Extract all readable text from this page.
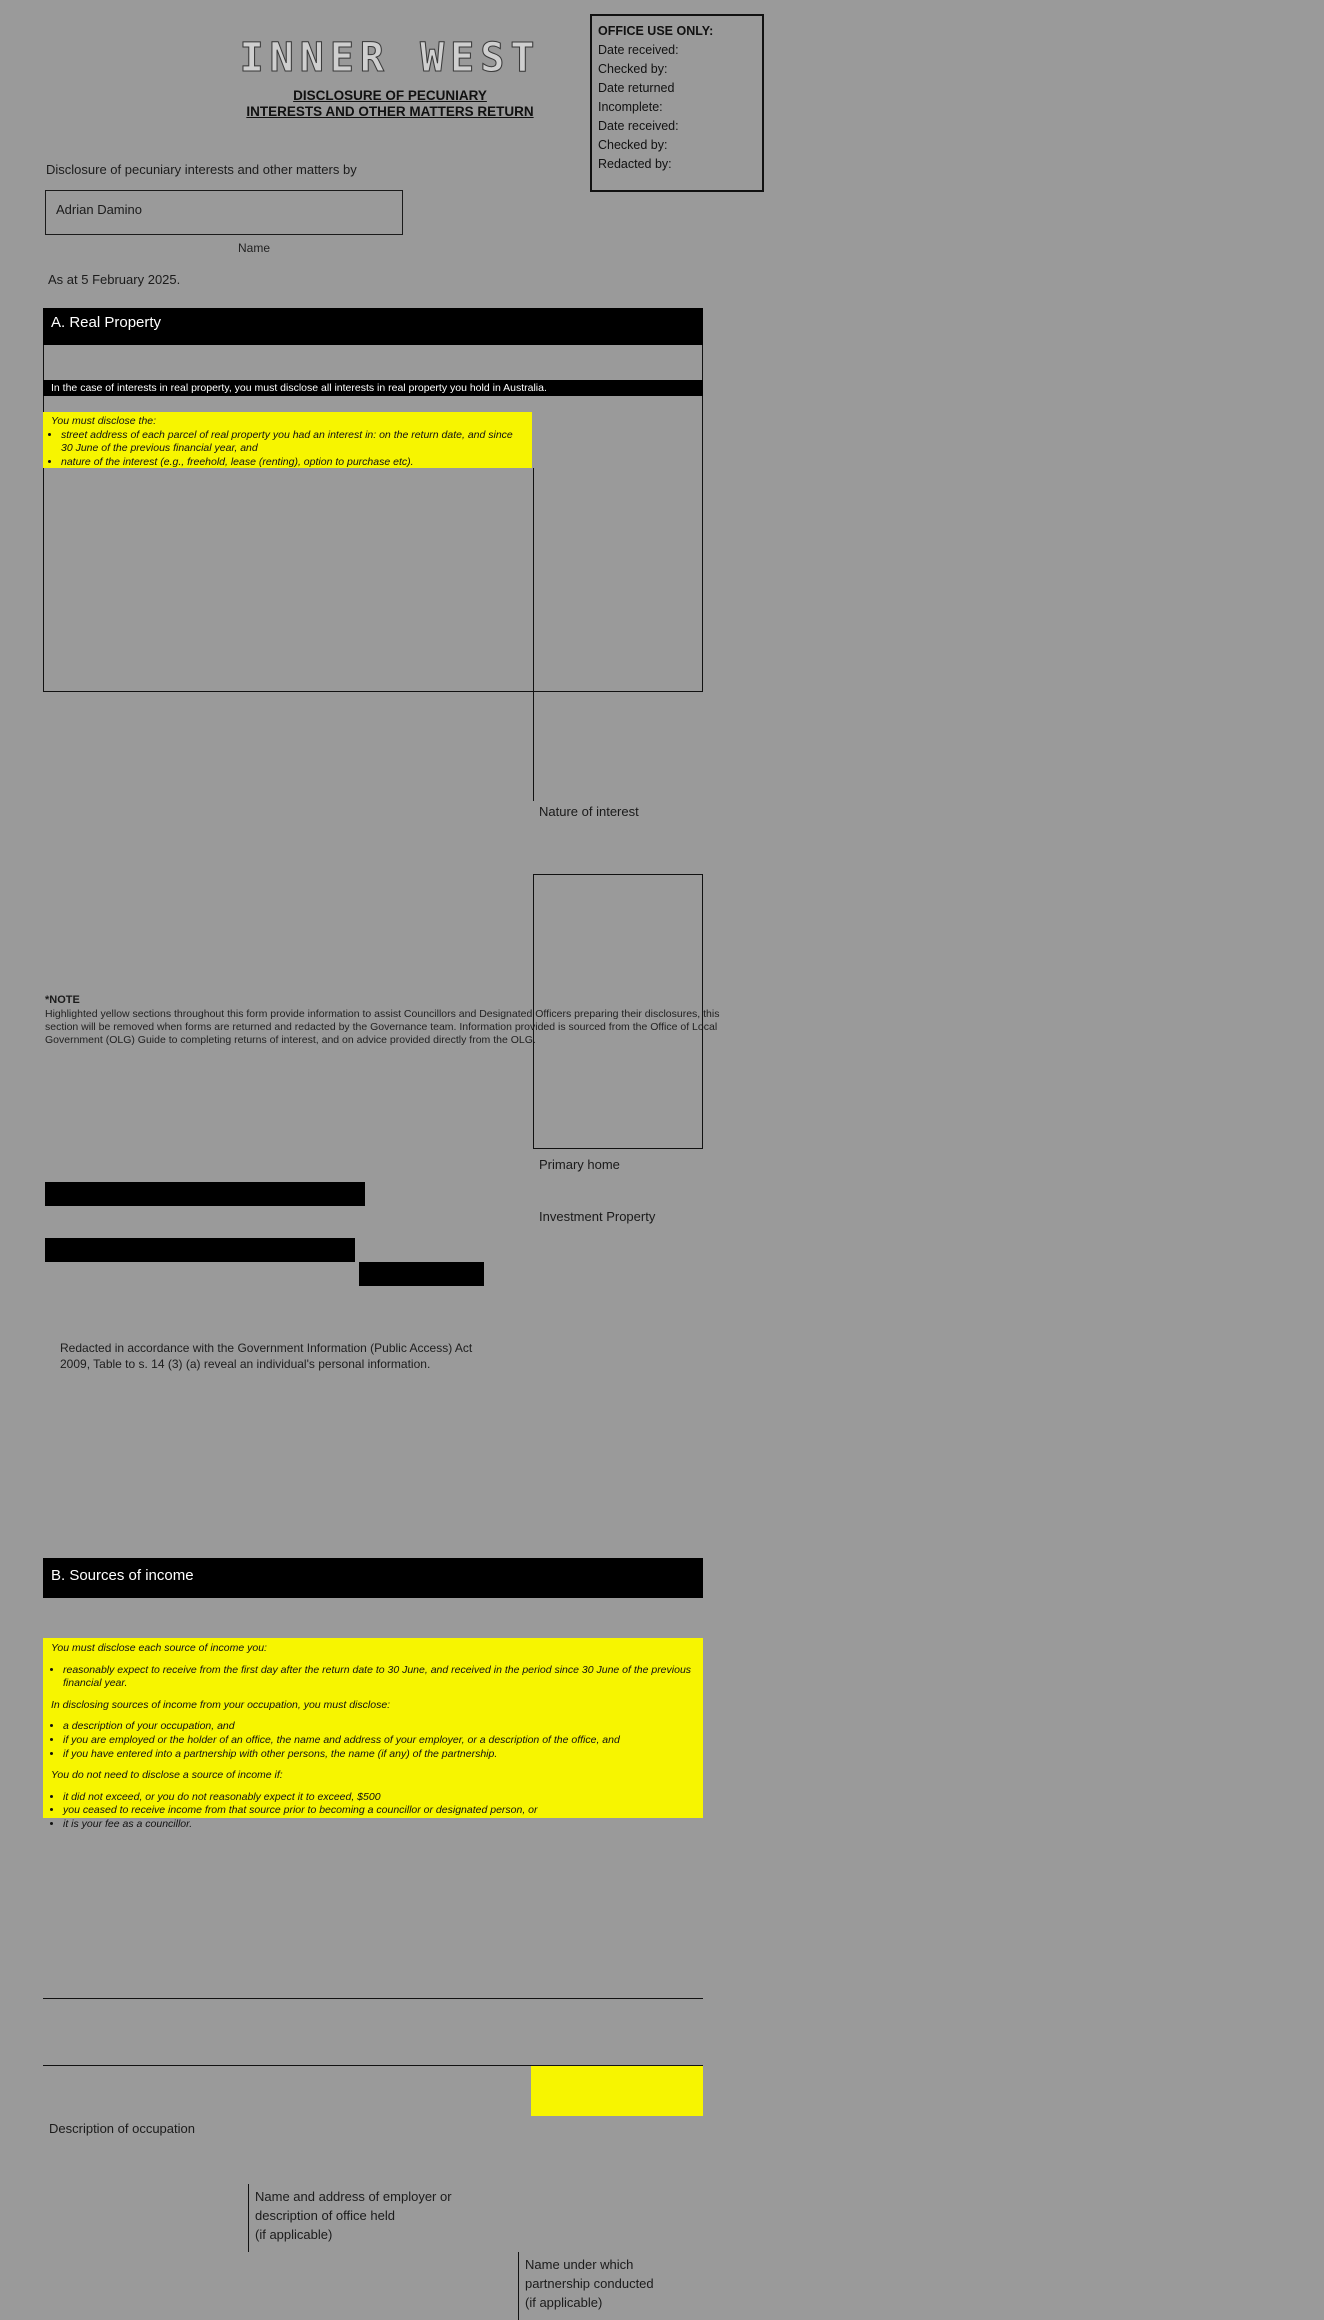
OFFICE USE ONLY:
Date received:
Checked by:
Date returned
Incomplete:
Date received:
Checked by:
Redacted by:
INNER WEST
DISCLOSURE OF PECUNIARY
INTERESTS AND OTHER MATTERS RETURN
Disclosure of pecuniary interests and other matters by
Adrian Damino
Name
As at 5 February 2025.
A. Real Property
In the case of interests in real property, you must disclose all interests in real property you hold in Australia.
You must disclose the:
• street address of each parcel of real property you had an interest in: on the return date, and since 30 June of the previous financial year, and
• nature of the interest (e.g., freehold, lease (renting), option to purchase etc).
Nature of interest
Primary home
Investment Property
Redacted in accordance with the Government Information (Public Access) Act 2009, Table to s. 14 (3) (a) reveal an individual's personal information.
B. Sources of income

You must disclose each source of income you:

• reasonably expect to receive from the first day after the return date to 30 June, and received in the period since 30 June of the previous financial year.

In disclosing sources of income from your occupation, you must disclose:

• a description of your occupation, and
• if you are employed or the holder of an office, the name and address of your employer, or a description of the office, and
• if you have entered into a partnership with other persons, the name (if any) of the partnership.

You do not need to disclose a source of income if:

• it did not exceed, or you do not reasonably expect it to exceed, $500
• you ceased to receive income from that source prior to becoming a councillor or designated person, or
• it is your fee as a councillor.
Description of occupation
Name and address of employer or
description of office held
(if applicable)
Name under which
partnership conducted
(if applicable)
*NOTE
Highlighted yellow sections throughout this form provide information to assist Councillors and Designated Officers preparing their disclosures, this section will be removed when forms are returned and redacted by the Governance team. Information provided is sourced from the Office of Local Government (OLG) Guide to completing returns of interest, and on advice provided directly from the OLG.
